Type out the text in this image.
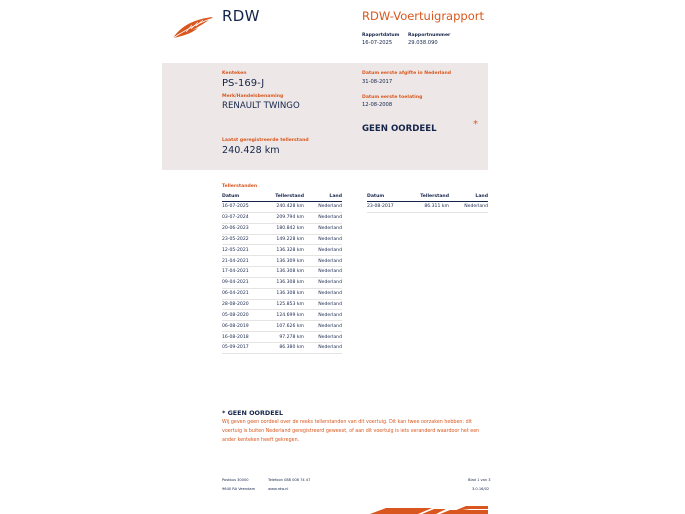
RDW	RDW-Voertuigrapport
Rapportdatum
16-07-2025
Rapportnummer
29.038.090
Kenteken
PS-169-J
Merk/Handelsbenaming
RENAULT TWINGO
Laatst geregistreerde tellerstand
240.428 km
Datum eerste afgifte in Nederland
31-08-2017
Datum eerste toelating
12-08-2008
GEEN OORDEEL	*
Tellerstanden
Datum	Tellerstand	Land
16-07-2025	240.428 km	Nederland
03-07-2024	209.794 km	Nederland
20-06-2023	180.842 km	Nederland
23-05-2022	149.228 km	Nederland
12-05-2021	136.328 km	Nederland
21-04-2021	136.309 km	Nederland
17-04-2021	136.308 km	Nederland
09-04-2021	136.308 km	Nederland
06-04-2021	136.308 km	Nederland
28-08-2020	125.853 km	Nederland
05-08-2020	124.699 km	Nederland
06-08-2019	107.626 km	Nederland
16-08-2018	97.278 km	Nederland
05-09-2017	86.380 km	Nederland
Datum	Tellerstand	Land
23-08-2017	86.311 km	Nederland
* GEEN OORDEEL
Wij geven geen oordeel over de reeks tellerstanden van dit voertuig. Dit kan twee oorzaken hebben: dit
voertuig is buiten Nederland geregistreerd geweest, of aan dit voertuig is iets veranderd waardoor het een
ander kenteken heeft gekregen.
Postbus 30000
9640 RA Veendam
Telefoon 088 008 74 47
www.rdw.nl
Blad 1 van 3
3.0.16/02
